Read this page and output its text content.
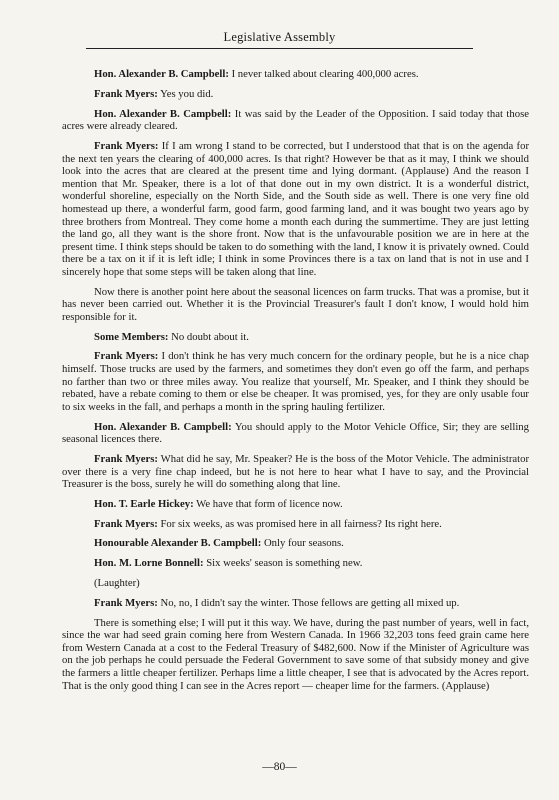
Legislative Assembly

Hon. Alexander B. Campbell: I never talked about clearing 400,000 acres.

Frank Myers: Yes you did.

Hon. Alexander B. Campbell: It was said by the Leader of the Opposition. I said today that those acres were already cleared.

Frank Myers: If I am wrong I stand to be corrected, but I understood that that is on the agenda for the next ten years the clearing of 400,000 acres. Is that right? However be that as it may, I think we should look into the acres that are cleared at the present time and lying dormant. (Applause) And the reason I mention that Mr. Speaker, there is a lot of that done out in my own district. It is a wonderful district, wonderful shoreline, especially on the North Side, and the South side as well. There is one very fine old homestead up there, a wonderful farm, good farm, good farming land, and it was bought two years ago by three brothers from Montreal. They come home a month each during the summertime. They are just letting the land go, all they want is the shore front. Now that is the unfavourable position we are in here at the present time. I think steps should be taken to do something with the land, I know it is privately owned. Could there be a tax on it if it is left idle; I think in some Provinces there is a tax on land that is not in use and I sincerely hope that some steps will be taken along that line.

Now there is another point here about the seasonal licences on farm trucks. That was a promise, but it has never been carried out. Whether it is the Provincial Treasurer's fault I don't know, I would hold him responsible for it.

Some Members: No doubt about it.

Frank Myers: I don't think he has very much concern for the ordinary people, but he is a nice chap himself. Those trucks are used by the farmers, and sometimes they don't even go off the farm, and perhaps no farther than two or three miles away. You realize that yourself, Mr. Speaker, and I think they should be rebated, have a rebate coming to them or else be cheaper. It was promised, yes, for they are only usable four to six weeks in the fall, and perhaps a month in the spring hauling fertilizer.

Hon. Alexander B. Campbell: You should apply to the Motor Vehicle Office, Sir; they are selling seasonal licences there.

Frank Myers: What did he say, Mr. Speaker? He is the boss of the Motor Vehicle. The administrator over there is a very fine chap indeed, but he is not here to hear what I have to say, and the Provincial Treasurer is the boss, surely he will do something along that line.

Hon. T. Earle Hickey: We have that form of licence now.

Frank Myers: For six weeks, as was promised here in all fairness? Its right here.

Honourable Alexander B. Campbell: Only four seasons.

Hon. M. Lorne Bonnell: Six weeks' season is something new.

(Laughter)

Frank Myers: No, no, I didn't say the winter. Those fellows are getting all mixed up.

There is something else; I will put it this way. We have, during the past number of years, well in fact, since the war had seed grain coming here from Western Canada. In 1966 32,203 tons feed grain came here from Western Canada at a cost to the Federal Treasury of $482,600. Now if the Minister of Agriculture was on the job perhaps he could persuade the Federal Government to save some of that subsidy money and give the farmers a little cheaper fertilizer. Perhaps lime a little cheaper, I see that is advocated by the Acres report. That is the only good thing I can see in the Acres report — cheaper lime for the farmers. (Applause)

—80—
